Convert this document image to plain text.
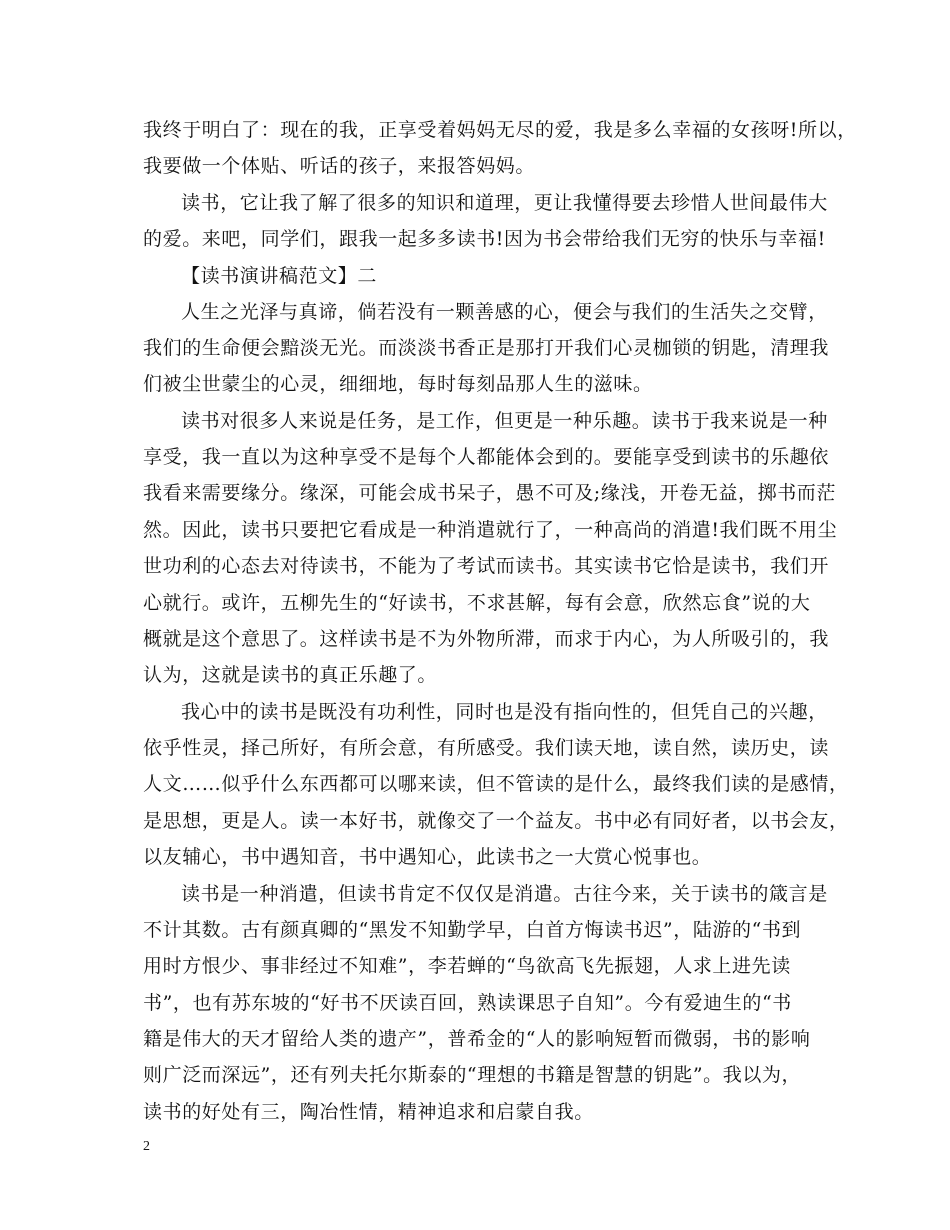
我终于明白了：现在的我，正享受着妈妈无尽的爱，我是多么幸福的女孩呀!所以，
我要做一个体贴、听话的孩子，来报答妈妈。
读书，它让我了解了很多的知识和道理，更让我懂得要去珍惜人世间最伟大
的爱。来吧，同学们，跟我一起多多读书!因为书会带给我们无穷的快乐与幸福!
【读书演讲稿范文】二
人生之光泽与真谛，倘若没有一颗善感的心，便会与我们的生活失之交臂，
我们的生命便会黯淡无光。而淡淡书香正是那打开我们心灵枷锁的钥匙，清理我
们被尘世蒙尘的心灵，细细地，每时每刻品那人生的滋味。
读书对很多人来说是任务，是工作，但更是一种乐趣。读书于我来说是一种
享受，我一直以为这种享受不是每个人都能体会到的。要能享受到读书的乐趣依
我看来需要缘分。缘深，可能会成书呆子，愚不可及;缘浅，开卷无益，掷书而茫
然。因此，读书只要把它看成是一种消遣就行了，一种高尚的消遣!我们既不用尘
世功利的心态去对待读书，不能为了考试而读书。其实读书它恰是读书，我们开
心就行。或许，五柳先生的“好读书，不求甚解，每有会意，欣然忘食”说的大
概就是这个意思了。这样读书是不为外物所滞，而求于内心，为人所吸引的，我
认为，这就是读书的真正乐趣了。
我心中的读书是既没有功利性，同时也是没有指向性的，但凭自己的兴趣，
依乎性灵，择己所好，有所会意，有所感受。我们读天地，读自然，读历史，读
人文……似乎什么东西都可以哪来读，但不管读的是什么，最终我们读的是感情，
是思想，更是人。读一本好书，就像交了一个益友。书中必有同好者，以书会友，
以友辅心，书中遇知音，书中遇知心，此读书之一大赏心悦事也。
读书是一种消遣，但读书肯定不仅仅是消遣。古往今来，关于读书的箴言是
不计其数。古有颜真卿的“黑发不知勤学早，白首方悔读书迟”，陆游的“书到
用时方恨少、事非经过不知难”，李若蝉的“鸟欲高飞先振翅，人求上进先读
书”，也有苏东坡的“好书不厌读百回，熟读课思子自知”。今有爱迪生的“书
籍是伟大的天才留给人类的遗产”，普希金的“人的影响短暂而微弱，书的影响
则广泛而深远”，还有列夫托尔斯泰的“理想的书籍是智慧的钥匙”。我以为，
读书的好处有三，陶冶性情，精神追求和启蒙自我。
2
